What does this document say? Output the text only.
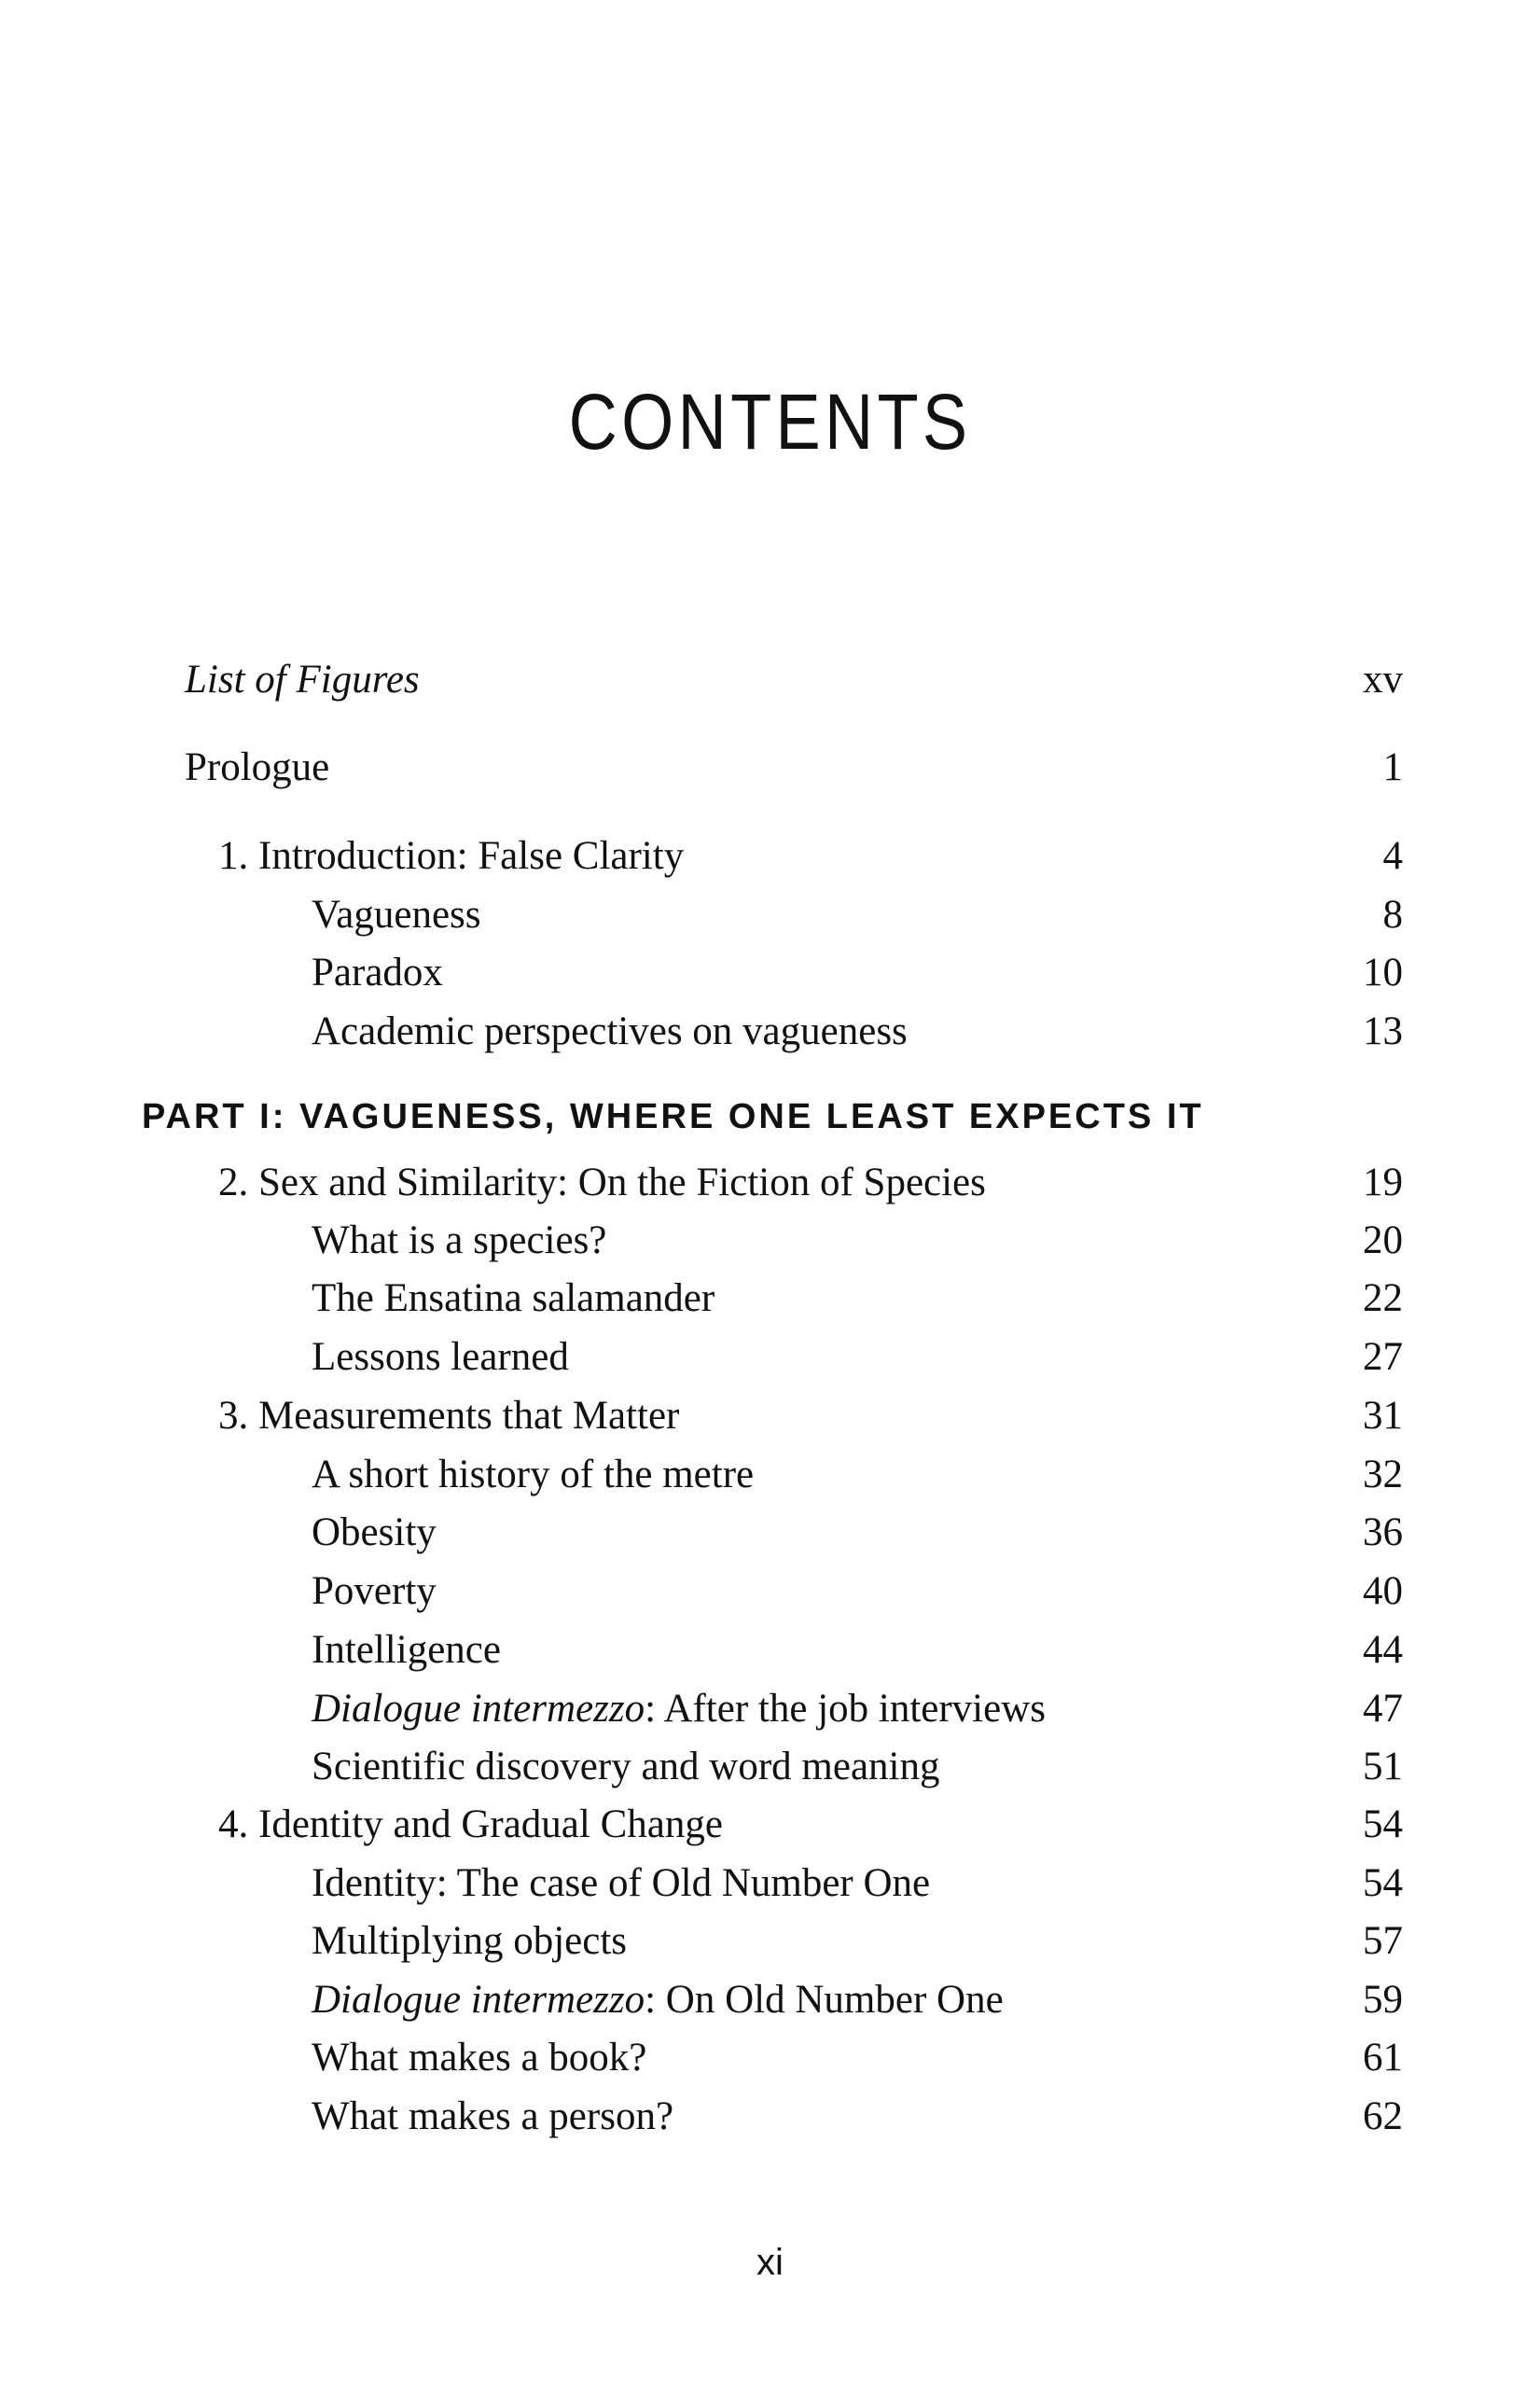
CONTENTS
List of Figures	xv
Prologue	1
1. Introduction: False Clarity	4
Vagueness	8
Paradox	10
Academic perspectives on vagueness	13
PART I: VAGUENESS, WHERE ONE LEAST EXPECTS IT
2. Sex and Similarity: On the Fiction of Species	19
What is a species?	20
The Ensatina salamander	22
Lessons learned	27
3. Measurements that Matter	31
A short history of the metre	32
Obesity	36
Poverty	40
Intelligence	44
Dialogue intermezzo: After the job interviews	47
Scientific discovery and word meaning	51
4. Identity and Gradual Change	54
Identity: The case of Old Number One	54
Multiplying objects	57
Dialogue intermezzo: On Old Number One	59
What makes a book?	61
What makes a person?	62
xi
